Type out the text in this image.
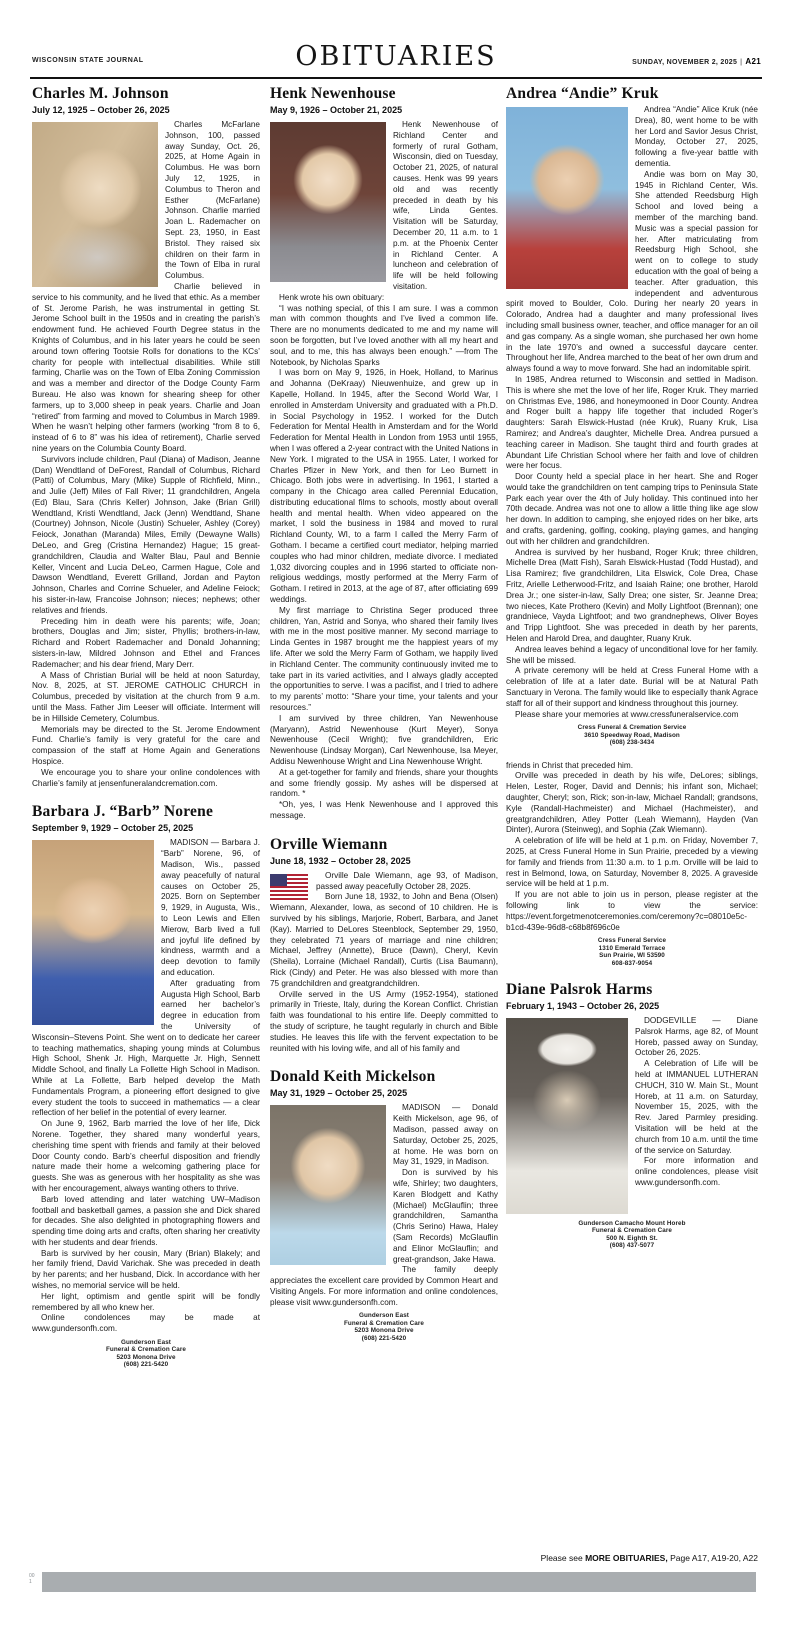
WISCONSIN STATE JOURNAL	OBITUARIES	SUNDAY, NOVEMBER 2, 2025 | A21
Charles M. Johnson
July 12, 1925 – October 26, 2025

Charles McFarlane Johnson, 100, passed away Sunday, Oct. 26, 2025, at Home Again in Columbus. He was born July 12, 1925, in Columbus to Theron and Esther (McFarlane) Johnson. Charlie married Joan L. Rademacher on Sept. 23, 1950, in East Bristol. They raised six children on their farm in the Town of Elba in rural Columbus.

Charlie believed in service to his community, and he lived that ethic. As a member of St. Jerome Parish, he was instrumental in getting St. Jerome School built in the 1950s and in creating the parish’s endowment fund. He achieved Fourth Degree status in the Knights of Columbus, and in his later years he could be seen around town offering Tootsie Rolls for donations to the KCs’ charity for people with intellectual disabilities. While still farming, Charlie was on the Town of Elba Zoning Commission and was a member and director of the Dodge County Farm Bureau. He also was known for shearing sheep for other farmers, up to 3,000 sheep in peak years. Charlie and Joan “retired” from farming and moved to Columbus in March 1989. When he wasn’t helping other farmers (working “from 8 to 6, instead of 6 to 8” was his idea of retirement), Charlie served nine years on the Columbia County Board.

Survivors include children, Paul (Diana) of Madison, Jeanne (Dan) Wendtland of DeForest, Randall of Columbus, Richard (Patti) of Columbus, Mary (Mike) Supple of Richfield, Minn., and Julie (Jeff) Miles of Fall River; 11 grandchildren, Angela (Ed) Blau, Sara (Chris Keller) Johnson, Jake (Brian Grill) Wendtland, Kristi Wendtland, Jack (Jenn) Wendtland, Shane (Courtney) Johnson, Nicole (Justin) Schueler, Ashley (Corey) Feiock, Jonathan (Maranda) Miles, Emily (Dewayne Walls) DeLeo, and Greg (Cristina Hernandez) Hague; 15 great-grandchildren, Claudia and Walter Blau, Paul and Bennie Keller, Vincent and Lucia DeLeo, Carmen Hague, Cole and Dawson Wendtland, Everett Grilland, Jordan and Payton Johnson, Charles and Corrine Schueler, and Adeline Feiock; his sister-in-law, Francoise Johnson; nieces; nephews; other relatives and friends.

Preceding him in death were his parents; wife, Joan; brothers, Douglas and Jim; sister, Phyllis; brothers-in-law, Richard and Robert Rademacher and Donald Johanning; sisters-in-law, Mildred Johnson and Ethel and Frances Rademacher; and his dear friend, Mary Derr.

A Mass of Christian Burial will be held at noon Saturday, Nov. 8, 2025, at ST. JEROME CATHOLIC CHURCH in Columbus, preceded by visitation at the church from 9 a.m. until the Mass. Father Jim Leeser will officiate. Interment will be in Hillside Cemetery, Columbus.

Memorials may be directed to the St. Jerome Endowment Fund. Charlie’s family is very grateful for the care and compassion of the staff at Home Again and Generations Hospice.

We encourage you to share your online condolences with Charlie’s family at jensenfuneralandcremation.com.

Barbara J. “Barb” Norene
September 9, 1929 – October 25, 2025

MADISON — Barbara J. “Barb” Norene, 96, of Madison, Wis., passed away peacefully of natural causes on October 25, 2025. Born on September 9, 1929, in Augusta, Wis., to Leon Lewis and Ellen Mierow, Barb lived a full and joyful life defined by kindness, warmth and a deep devotion to family and education.

After graduating from Augusta High School, Barb earned her bachelor’s degree in education from the University of Wisconsin–Stevens Point. She went on to dedicate her career to teaching mathematics, shaping young minds at Columbus High School, Shenk Jr. High, Marquette Jr. High, Sennett Middle School, and finally La Follette High School in Madison. While at La Follette, Barb helped develop the Math Fundamentals Program, a pioneering effort designed to give every student the tools to succeed in mathematics — a clear reflection of her belief in the potential of every learner.

On June 9, 1962, Barb married the love of her life, Dick Norene. Together, they shared many wonderful years, cherishing time spent with friends and family at their beloved Door County condo. Barb’s cheerful disposition and friendly nature made their home a welcoming gathering place for guests. She was as generous with her hospitality as she was with her encouragement, always wanting others to thrive.

Barb loved attending and later watching UW–Madison football and basketball games, a passion she and Dick shared for decades. She also delighted in photographing flowers and spending time doing arts and crafts, often sharing her creativity with her students and dear friends.

Barb is survived by her cousin, Mary (Brian) Blakely; and her family friend, David Varichak. She was preceded in death by her parents; and her husband, Dick. In accordance with her wishes, no memorial service will be held.

Her light, optimism and gentle spirit will be fondly remembered by all who knew her.

Online condolences may be made at www.gundersonfh.com.

Gunderson East
Funeral & Cremation Care
5203 Monona Drive
(608) 221-5420
Henk Newenhouse
May 9, 1926 – October 21, 2025

Henk Newenhouse of Richland Center and formerly of rural Gotham, Wisconsin, died on Tuesday, October 21, 2025, of natural causes. Henk was 99 years old and was recently preceded in death by his wife, Linda Gentes. Visitation will be Saturday, December 20, 11 a.m. to 1 p.m. at the Phoenix Center in Richland Center. A luncheon and celebration of life will be held following visitation.

Henk wrote his own obituary:

“I was nothing special, of this I am sure. I was a common man with common thoughts and I’ve lived a common life. There are no monuments dedicated to me and my name will soon be forgotten, but I’ve loved another with all my heart and soul, and to me, this has always been enough.” —from The Notebook, by Nicholas Sparks

I was born on May 9, 1926, in Hoek, Holland, to Marinus and Johanna (DeKraay) Nieuwenhuize, and grew up in Kapelle, Holland. In 1945, after the Second World War, I enrolled in Amsterdam University and graduated with a Ph.D. in Social Psychology in 1952. I worked for the Dutch Federation for Mental Health in Amsterdam and for the World Federation for Mental Health in London from 1953 until 1955, when I was offered a 2-year contract with the United Nations in New York. I migrated to the USA in 1955. Later, I worked for Charles Pfizer in New York, and then for Leo Burnett in Chicago. Both jobs were in advertising. In 1961, I started a company in the Chicago area called Perennial Education, distributing educational films to schools, mostly about overall health and mental health. When video appeared on the market, I sold the business in 1984 and moved to rural Richland County, WI, to a farm I called the Merry Farm of Gotham. I became a certified court mediator, helping married couples who had minor children, mediate divorce. I mediated 1,032 divorcing couples and in 1996 started to officiate non-religious weddings, mostly performed at the Merry Farm of Gotham. I retired in 2013, at the age of 87, after officiating 699 weddings.

My first marriage to Christina Seger produced three children, Yan, Astrid and Sonya, who shared their family lives with me in the most positive manner. My second marriage to Linda Gentes in 1987 brought me the happiest years of my life. After we sold the Merry Farm of Gotham, we happily lived in Richland Center. The community continuously invited me to take part in its varied activities, and I always gladly accepted the opportunities to serve. I was a pacifist, and I tried to adhere to my parents’ motto: “Share your time, your talents and your resources.”

I am survived by three children, Yan Newenhouse (Maryann), Astrid Newenhouse (Kurt Meyer), Sonya Newenhouse (Cecil Wright); five grandchildren, Eric Newenhouse (Lindsay Morgan), Carl Newenhouse, Isa Meyer, Addisu Newenhouse Wright and Lina Newenhouse Wright.

At a get-together for family and friends, share your thoughts and some friendly gossip. My ashes will be dispersed at random. *

*Oh, yes, I was Henk Newenhouse and I approved this message.

Orville Wiemann
June 18, 1932 – October 28, 2025

Orville Dale Wiemann, age 93, of Madison, passed away peacefully October 28, 2025.

Born June 18, 1932, to John and Bena (Olsen) Wiemann, Alexander, Iowa, as second of 10 children. He is survived by his siblings, Marjorie, Robert, Barbara, and Janet (Kay). Married to DeLores Steenblock, September 29, 1950, they celebrated 71 years of marriage and nine children; Michael, Jeffrey (Annette), Bruce (Dawn), Cheryl, Kevin (Sheila), Lorraine (Michael Randall), Curtis (Lisa Baumann), Rick (Cindy) and Peter. He was also blessed with more than 75 grandchildren and greatgrandchildren.

Orville served in the US Army (1952-1954), stationed primarily in Trieste, Italy, during the Korean Conflict. Christian faith was foundational to his entire life. Deeply committed to the study of scripture, he taught regularly in church and Bible studies. He leaves this life with the fervent expectation to be reunited with his loving wife, and all of his family and

Donald Keith Mickelson
May 31, 1929 – October 25, 2025

MADISON — Donald Keith Mickelson, age 96, of Madison, passed away on Saturday, October 25, 2025, at home. He was born on May 31, 1929, in Madison.

Don is survived by his wife, Shirley; two daughters, Karen Blodgett and Kathy (Michael) McGlauflin; three grandchildren, Samantha (Chris Serino) Hawa, Haley (Sam Records) McGlauflin and Elinor McGlauflin; and great-grandson, Jake Hawa.

The family deeply appreciates the excellent care provided by Common Heart and Visiting Angels. For more information and online condolences, please visit www.gundersonfh.com.

Gunderson East
Funeral & Cremation Care
5203 Monona Drive
(608) 221-5420
Andrea “Andie” Kruk

Andrea “Andie” Alice Kruk (née Drea), 80, went home to be with her Lord and Savior Jesus Christ, Monday, October 27, 2025, following a five-year battle with dementia.

Andie was born on May 30, 1945 in Richland Center, Wis. She attended Reedsburg High School and loved being a member of the marching band. Music was a special passion for her. After matriculating from Reedsburg High School, she went on to college to study education with the goal of being a teacher. After graduation, this independent and adventurous spirit moved to Boulder, Colo. During her nearly 20 years in Colorado, Andrea had a daughter and many professional lives including small business owner, teacher, and office manager for an oil and gas company. As a single woman, she purchased her own home in the late 1970’s and owned a successful daycare center. Throughout her life, Andrea marched to the beat of her own drum and always found a way to move forward. She had an indomitable spirit.

In 1985, Andrea returned to Wisconsin and settled in Madison. This is where she met the love of her life, Roger Kruk. They married on Christmas Eve, 1986, and honeymooned in Door County. Andrea and Roger built a happy life together that included Roger’s daughters: Sarah Elswick-Hustad (née Kruk), Ruany Kruk, Lisa Ramirez; and Andrea’s daughter, Michelle Drea. Andrea pursued a teaching career in Madison. She taught third and fourth grades at Abundant Life Christian School where her faith and love of children were her focus.

Door County held a special place in her heart. She and Roger would take the grandchildren on tent camping trips to Peninsula State Park each year over the 4th of July holiday. This continued into her 70th decade. Andrea was not one to allow a little thing like age slow her down. In addition to camping, she enjoyed rides on her bike, arts and crafts, gardening, golfing, cooking, playing games, and hanging out with her children and grandchildren.

Andrea is survived by her husband, Roger Kruk; three children, Michelle Drea (Matt Fish), Sarah Elswick-Hustad (Todd Hustad), and Lisa Ramirez; five grandchildren, Lita Elswick, Cole Drea, Chase Fritz, Arielle Letherwood-Fritz, and Isaiah Raine; one brother, Harold Drea Jr.; one sister-in-law, Sally Drea; one sister, Sr. Jeanne Drea; two nieces, Kate Prothero (Kevin) and Molly Lightfoot (Brennan); one grandniece, Vayda Lightfoot; and two grandnephews, Oliver Boyes and Tripp Lightfoot. She was preceded in death by her parents, Helen and Harold Drea, and daughter, Ruany Kruk.

Andrea leaves behind a legacy of unconditional love for her family. She will be missed.

A private ceremony will be held at Cress Funeral Home with a celebration of life at a later date. Burial will be at Natural Path Sanctuary in Verona. The family would like to especially thank Agrace staff for all of their support and kindness throughout this journey.

Please share your memories at www.cressfuneralservice.com

Cress Funeral & Cremation Service
3610 Speedway Road, Madison
(608) 238-3434

friends in Christ that preceded him.

Orville was preceded in death by his wife, DeLores; siblings, Helen, Lester, Roger, David and Dennis; his infant son, Michael; daughter, Cheryl; son, Rick; son-in-law, Michael Randall; grandsons, Kyle (Randall-Hachmeister) and Michael (Hachmeister), and greatgrandchildren, Atley Potter (Leah Wiemann), Hayden (Van Dinter), Aurora (Steinweg), and Sophia (Zak Wiemann).

A celebration of life will be held at 1 p.m. on Friday, November 7, 2025, at Cress Funeral Home in Sun Prairie, preceded by a viewing for family and friends from 11:30 a.m. to 1 p.m. Orville will be laid to rest in Belmond, Iowa, on Saturday, November 8, 2025. A graveside service will be held at 1 p.m.

If you are not able to join us in person, please register at the following link to view the service: https://event.forgetmenotceremonies.com/ceremony?c=08010e5c-b1cd-439e-96d8-c68b8f696c0e

Cress Funeral Service
1310 Emerald Terrace
Sun Prairie, WI 53590
608-837-9054
Diane Palsrok Harms
February 1, 1943 – October 26, 2025

DODGEVILLE — Diane Palsrok Harms, age 82, of Mount Horeb, passed away on Sunday, October 26, 2025.

A Celebration of Life will be held at IMMANUEL LUTHERAN CHUCH, 310 W. Main St., Mount Horeb, at 11 a.m. on Saturday, November 15, 2025, with the Rev. Jared Parmley presiding. Visitation will be held at the church from 10 a.m. until the time of the service on Saturday.

For more information and online condolences, please visit www.gundersonfh.com.

Gunderson Camacho Mount Horeb
Funeral & Cremation Care
500 N. Eighth St.
(608) 437-5077
Please see MORE OBITUARIES, Page A17, A19-20, A22
00
1
